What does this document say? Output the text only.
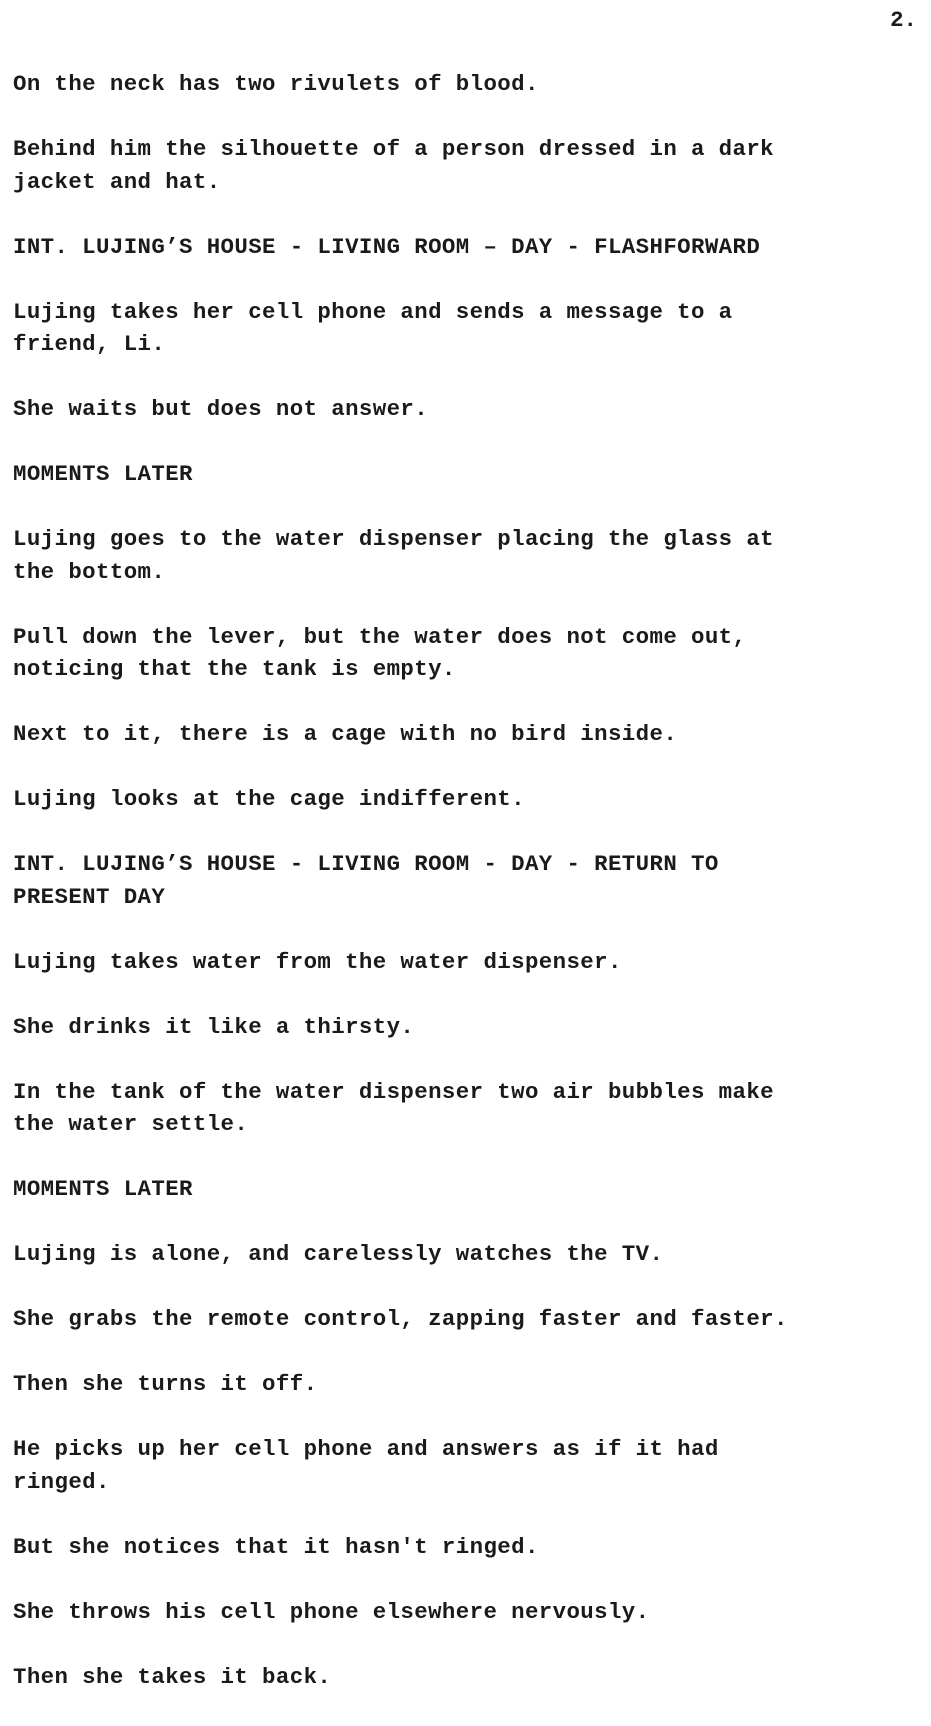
2.

On the neck has two rivulets of blood.

Behind him the silhouette of a person dressed in a dark
jacket and hat.

INT. LUJING’S HOUSE - LIVING ROOM – DAY - FLASHFORWARD

Lujing takes her cell phone and sends a message to a
friend, Li.

She waits but does not answer.

MOMENTS LATER

Lujing goes to the water dispenser placing the glass at
the bottom.

Pull down the lever, but the water does not come out,
noticing that the tank is empty.

Next to it, there is a cage with no bird inside.

Lujing looks at the cage indifferent.

INT. LUJING’S HOUSE - LIVING ROOM - DAY - RETURN TO
PRESENT DAY

Lujing takes water from the water dispenser.

She drinks it like a thirsty.

In the tank of the water dispenser two air bubbles make
the water settle.

MOMENTS LATER

Lujing is alone, and carelessly watches the TV.

She grabs the remote control, zapping faster and faster.

Then she turns it off.

He picks up her cell phone and answers as if it had
ringed.

But she notices that it hasn't ringed.

She throws his cell phone elsewhere nervously.

Then she takes it back.
